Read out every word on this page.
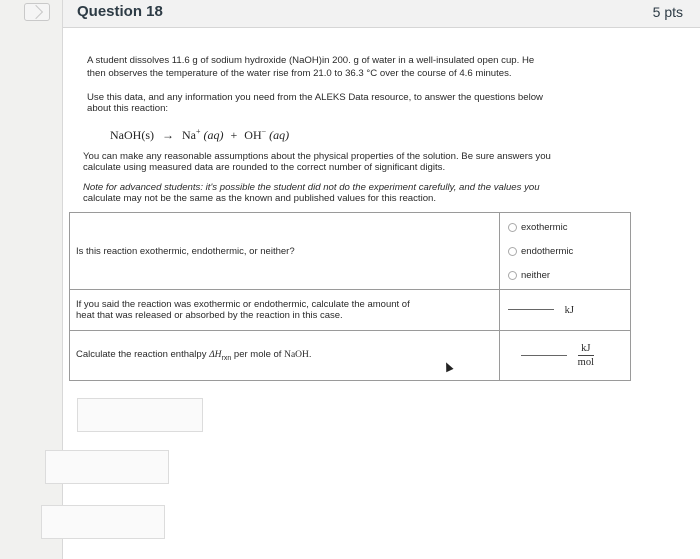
Question 18	5 pts
A student dissolves 11.6 g of sodium hydroxide (NaOH)in 200. g of water in a well-insulated open cup. He
then observes the temperature of the water rise from 21.0 to 36.3 °C over the course of 4.6 minutes.
Use this data, and any information you need from the ALEKS Data resource, to answer the questions below
about this reaction:
NaOH(s) → Na+ (aq) + OH− (aq)
You can make any reasonable assumptions about the physical properties of the solution. Be sure answers you
calculate using measured data are rounded to the correct number of significant digits.
Note for advanced students: it's possible the student did not do the experiment carefully, and the values you
calculate may not be the same as the known and published values for this reaction.
Is this reaction exothermic, endothermic, or neither?	exothermic
endothermic
neither

If you said the reaction was exothermic or endothermic, calculate the amount of
heat that was released or absorbed by the reaction in this case.	kJ
Calculate the reaction enthalpy $\Delta H_{rxn}$ per mole of NaOH.	$\frac{kJ}{\text{mol}}$
